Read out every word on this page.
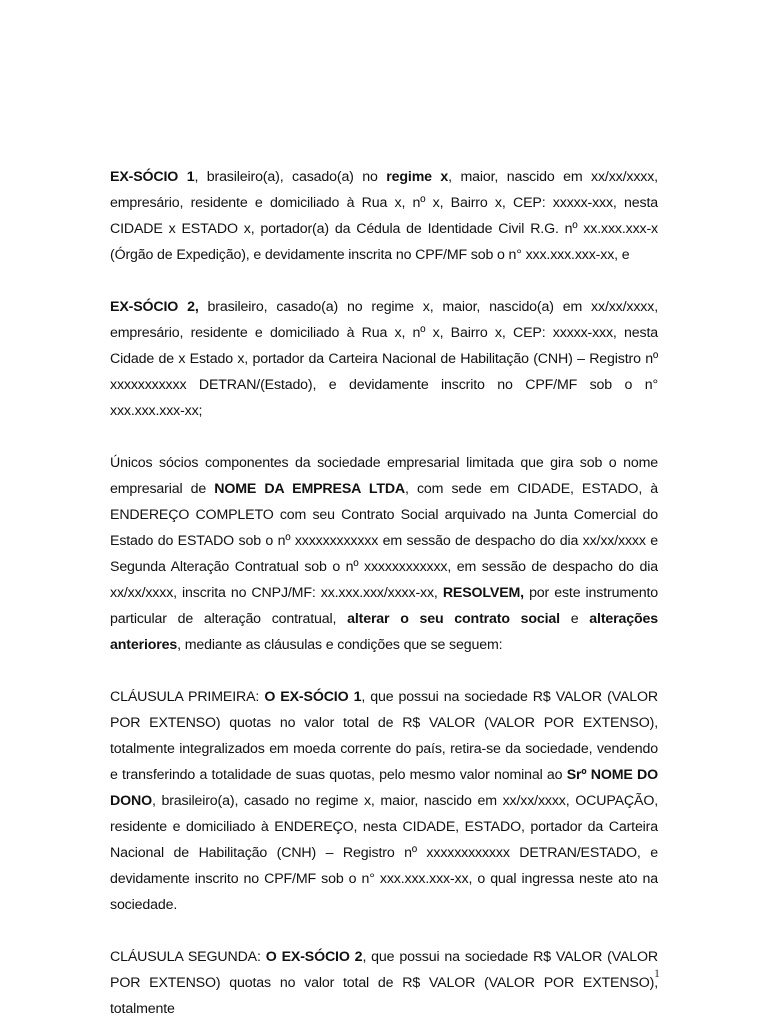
EX-SÓCIO 1, brasileiro(a), casado(a) no regime x, maior, nascido em xx/xx/xxxx, empresário, residente e domiciliado à Rua x, nº x, Bairro x, CEP: xxxxx-xxx, nesta CIDADE x ESTADO x, portador(a) da Cédula de Identidade Civil R.G. nº xx.xxx.xxx-x (Órgão de Expedição), e devidamente inscrita no CPF/MF sob o n° xxx.xxx.xxx-xx, e

EX-SÓCIO 2, brasileiro, casado(a) no regime x, maior, nascido(a) em xx/xx/xxxx, empresário, residente e domiciliado à Rua x, nº x, Bairro x, CEP: xxxxx-xxx, nesta Cidade de x Estado x, portador da Carteira Nacional de Habilitação (CNH) – Registro nº xxxxxxxxxxx DETRAN/(Estado), e devidamente inscrito no CPF/MF sob o n° xxx.xxx.xxx-xx;

Únicos sócios componentes da sociedade empresarial limitada que gira sob o nome empresarial de NOME DA EMPRESA LTDA, com sede em CIDADE, ESTADO, à ENDEREÇO COMPLETO com seu Contrato Social arquivado na Junta Comercial do Estado do ESTADO sob o nº xxxxxxxxxxxx em sessão de despacho do dia xx/xx/xxxx e Segunda Alteração Contratual sob o nº xxxxxxxxxxxx, em sessão de despacho do dia xx/xx/xxxx, inscrita no CNPJ/MF: xx.xxx.xxx/xxxx-xx, RESOLVEM, por este instrumento particular de alteração contratual, alterar o seu contrato social e alterações anteriores, mediante as cláusulas e condições que se seguem:

CLÁUSULA PRIMEIRA: O EX-SÓCIO 1, que possui na sociedade R$ VALOR (VALOR POR EXTENSO) quotas no valor total de R$ VALOR (VALOR POR EXTENSO), totalmente integralizados em moeda corrente do país, retira-se da sociedade, vendendo e transferindo a totalidade de suas quotas, pelo mesmo valor nominal ao Srº NOME DO DONO, brasileiro(a), casado no regime x, maior, nascido em xx/xx/xxxx, OCUPAÇÃO, residente e domiciliado à ENDEREÇO, nesta CIDADE, ESTADO, portador da Carteira Nacional de Habilitação (CNH) – Registro nº xxxxxxxxxxxx DETRAN/ESTADO, e devidamente inscrito no CPF/MF sob o n° xxx.xxx.xxx-xx, o qual ingressa neste ato na sociedade.

CLÁUSULA SEGUNDA: O EX-SÓCIO 2, que possui na sociedade R$ VALOR (VALOR POR EXTENSO) quotas no valor total de R$ VALOR (VALOR POR EXTENSO), totalmente

1
